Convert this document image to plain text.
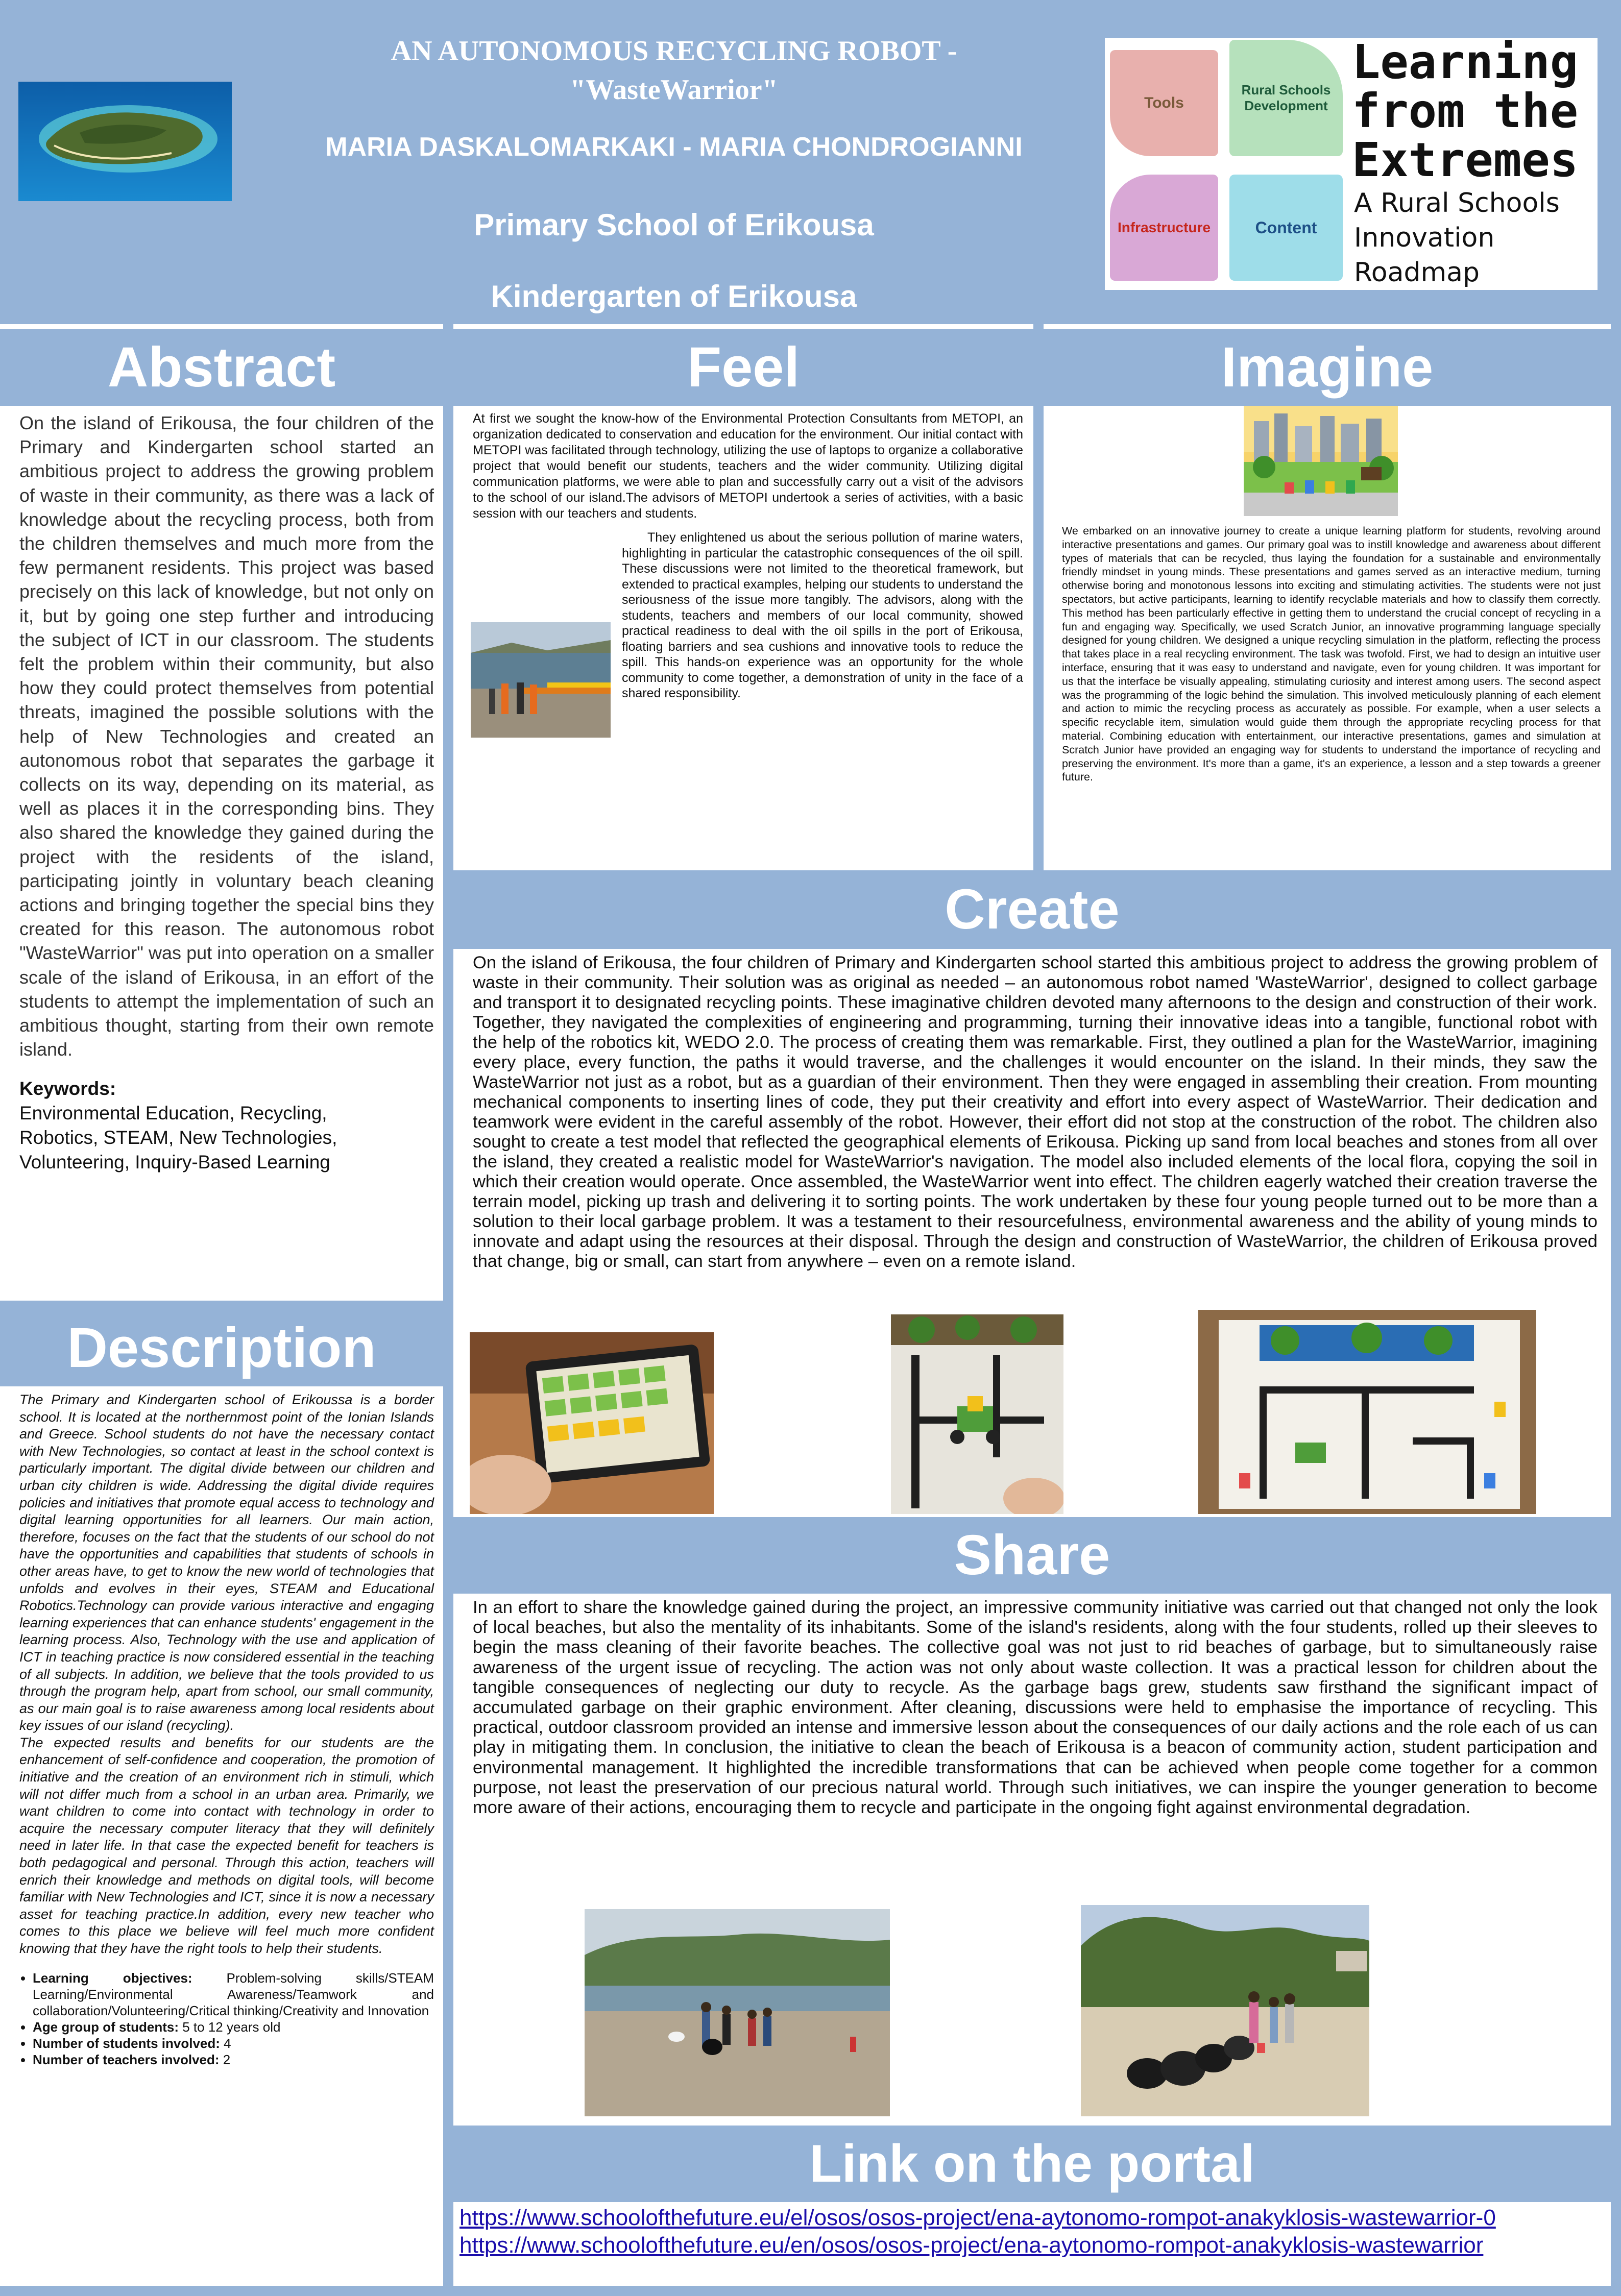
AN AUTONOMOUS RECYCLING ROBOT -
"WasteWarrior"
MARIA DASKALOMARKAKI - MARIA CHONDROGIANNI
Primary School of Erikousa
Kindergarten of Erikousa
Tools
Rural Schools Development
Infrastructure	Content
Learning
from the
Extremes
A Rural Schools
Innovation
Roadmap
Abstract

On the island of Erikousa, the four children of the Primary and Kindergarten school started an ambitious project to address the growing problem of waste in their community, as there was a lack of knowledge about the recycling process, both from the children themselves and much more from the few permanent residents. This project was based precisely on this lack of knowledge, but not only on it, but by going one step further and introducing the subject of ICT in our classroom. The students felt the problem within their community, but also how they could protect themselves from potential threats, imagined the possible solutions with the help of New Technologies and created an autonomous robot that separates the garbage it collects on its way, depending on its material, as well as places it in the corresponding bins. They also shared the knowledge they gained during the project with the residents of the island, participating jointly in voluntary beach cleaning actions and bringing together the special bins they created for this reason. The autonomous robot "WasteWarrior" was put into operation on a smaller scale of the island of Erikousa, in an effort of the students to attempt the implementation of such an ambitious thought, starting from their own remote island.

Keywords:

Environmental Education, Recycling, Robotics, STEAM, New Technologies, Volunteering, Inquiry-Based Learning

Description

The Primary and Kindergarten school of Erikoussa is a border school. It is located at the northernmost point of the Ionian Islands and Greece. School students do not have the necessary contact with New Technologies, so contact at least in the school context is particularly important. The digital divide between our children and urban city children is wide. Addressing the digital divide requires policies and initiatives that promote equal access to technology and digital learning opportunities for all learners. Our main action, therefore, focuses on the fact that the students of our school do not have the opportunities and capabilities that students of schools in other areas have, to get to know the new world of technologies that unfolds and evolves in their eyes, STEAM and Educational Robotics.Technology can provide various interactive and engaging learning experiences that can enhance students' engagement in the learning process. Also, Technology with the use and application of ICT in teaching practice is now considered essential in the teaching of all subjects. In addition, we believe that the tools provided to us through the program help, apart from school, our small community, as our main goal is to raise awareness among local residents about key issues of our island (recycling).

The expected results and benefits for our students are the enhancement of self-confidence and cooperation, the promotion of initiative and the creation of an environment rich in stimuli, which will not differ much from a school in an urban area. Primarily, we want children to come into contact with technology in order to acquire the necessary computer literacy that they will definitely need in later life. In that case the expected benefit for teachers is both pedagogical and personal. Through this action, teachers will enrich their knowledge and methods on digital tools, will become familiar with New Technologies and ICT, since it is now a necessary asset for teaching practice.In addition, every new teacher who comes to this place we believe will feel much more confident knowing that they have the right tools to help their students.

• Learning objectives: Problem-solving skills/STEAM Learning/Environmental Awareness/Teamwork and collaboration/Volunteering/Critical thinking/Creativity and Innovation
• Age group of students: 5 to 12 years old
• Number of students involved: 4
• Number of teachers involved: 2
Feel

At first we sought the know-how of the Environmental Protection Consultants from METOPI, an organization dedicated to conservation and education for the environment. Our initial contact with METOPI was facilitated through technology, utilizing the use of laptops to organize a collaborative project that would benefit our students, teachers and the wider community. Utilizing digital communication platforms, we were able to plan and successfully carry out a visit of the advisors to the school of our island.The advisors of METOPI undertook a series of activities, with a basic session with our teachers and students.

They enlightened us about the serious pollution of marine waters, highlighting in particular the catastrophic consequences of the oil spill. These discussions were not limited to the theoretical framework, but extended to practical examples, helping our students to understand the seriousness of the issue more tangibly. The advisors, along with the students, teachers and members of our local community, showed practical readiness to deal with the oil spills in the port of Erikousa, floating barriers and sea cushions and innovative tools to reduce the spill. This hands-on experience was an opportunity for the whole community to come together, a demonstration of unity in the face of a shared responsibility.

Imagine

We embarked on an innovative journey to create a unique learning platform for students, revolving around interactive presentations and games. Our primary goal was to instill knowledge and awareness about different types of materials that can be recycled, thus laying the foundation for a sustainable and environmentally friendly mindset in young minds. These presentations and games served as an interactive medium, turning otherwise boring and monotonous lessons into exciting and stimulating activities. The students were not just spectators, but active participants, learning to identify recyclable materials and how to classify them correctly. This method has been particularly effective in getting them to understand the crucial concept of recycling in a fun and engaging way. Specifically, we used Scratch Junior, an innovative programming language specially designed for young children. We designed a unique recycling simulation in the platform, reflecting the process that takes place in a real recycling environment. The task was twofold. First, we had to design an intuitive user interface, ensuring that it was easy to understand and navigate, even for young children. It was important for us that the interface be visually appealing, stimulating curiosity and interest among users. The second aspect was the programming of the logic behind the simulation. This involved meticulously planning of each element and action to mimic the recycling process as accurately as possible. For example, when a user selects a specific recyclable item, simulation would guide them through the appropriate recycling process for that material. Combining education with entertainment, our interactive presentations, games and simulation at Scratch Junior have provided an engaging way for students to understand the importance of recycling and preserving the environment. It's more than a game, it's an experience, a lesson and a step towards a greener future.

Create

On the island of Erikousa, the four children of Primary and Kindergarten school started this ambitious project to address the growing problem of waste in their community. Their solution was as original as needed – an autonomous robot named 'WasteWarrior', designed to collect garbage and transport it to designated recycling points. These imaginative children devoted many afternoons to the design and construction of their work. Together, they navigated the complexities of engineering and programming, turning their innovative ideas into a tangible, functional robot with the help of the robotics kit, WEDO 2.0. The process of creating them was remarkable. First, they outlined a plan for the WasteWarrior, imagining every place, every function, the paths it would traverse, and the challenges it would encounter on the island. In their minds, they saw the WasteWarrior not just as a robot, but as a guardian of their environment. Then they were engaged in assembling their creation. From mounting mechanical components to inserting lines of code, they put their creativity and effort into every aspect of WasteWarrior. Their dedication and teamwork were evident in the careful assembly of the robot. However, their effort did not stop at the construction of the robot. The children also sought to create a test model that reflected the geographical elements of Erikousa. Picking up sand from local beaches and stones from all over the island, they created a realistic model for WasteWarrior's navigation. The model also included elements of the local flora, copying the soil in which their creation would operate. Once assembled, the WasteWarrior went into effect. The children eagerly watched their creation traverse the terrain model, picking up trash and delivering it to sorting points. The work undertaken by these four young people turned out to be more than a solution to their local garbage problem. It was a testament to their resourcefulness, environmental awareness and the ability of young minds to innovate and adapt using the resources at their disposal. Through the design and construction of WasteWarrior, the children of Erikousa proved that change, big or small, can start from anywhere – even on a remote island.

Share

In an effort to share the knowledge gained during the project, an impressive community initiative was carried out that changed not only the look of local beaches, but also the mentality of its inhabitants. Some of the island's residents, along with the four students, rolled up their sleeves to begin the mass cleaning of their favorite beaches. The collective goal was not just to rid beaches of garbage, but to simultaneously raise awareness of the urgent issue of recycling. The action was not only about waste collection. It was a practical lesson for children about the tangible consequences of neglecting our duty to recycle. As the garbage bags grew, students saw firsthand the significant impact of accumulated garbage on their graphic environment. After cleaning, discussions were held to emphasise the importance of recycling. This practical, outdoor classroom provided an intense and immersive lesson about the consequences of our daily actions and the role each of us can play in mitigating them. In conclusion, the initiative to clean the beach of Erikousa is a beacon of community action, student participation and environmental management. It highlighted the incredible transformations that can be achieved when people come together for a common purpose, not least the preservation of our precious natural world. Through such initiatives, we can inspire the younger generation to become more aware of their actions, encouraging them to recycle and participate in the ongoing fight against environmental degradation.

Link on the portal
https://www.schoolofthefuture.eu/el/osos/osos-project/ena-aytonomo-rompot-anakyklosis-wastewarrior-0
https://www.schoolofthefuture.eu/en/osos/osos-project/ena-aytonomo-rompot-anakyklosis-wastewarrior
